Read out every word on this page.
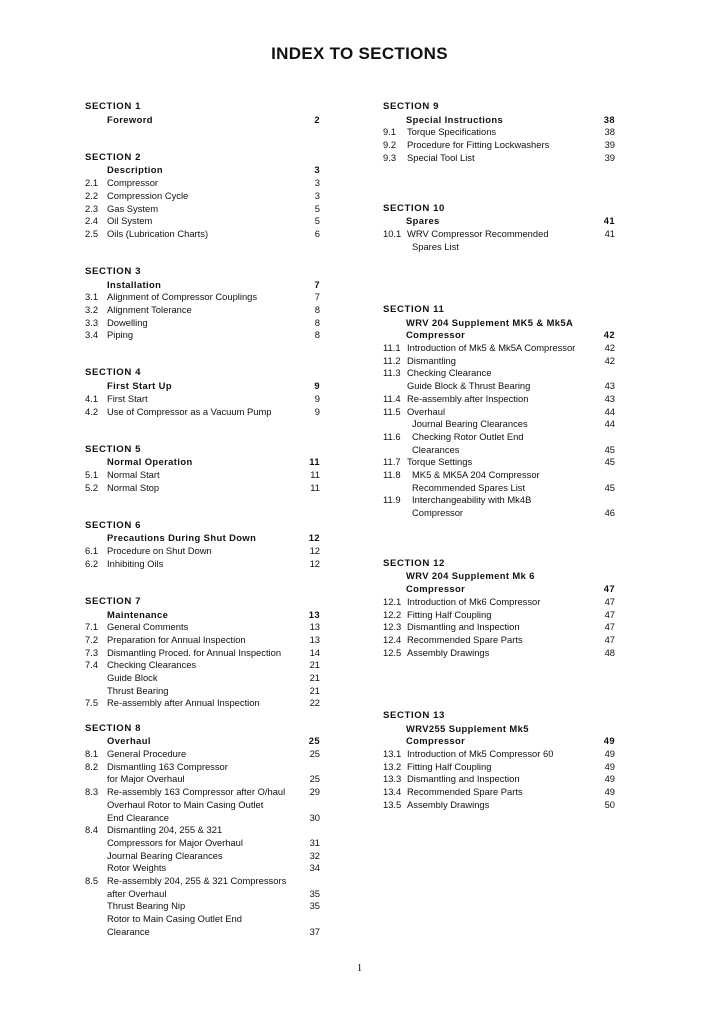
INDEX TO SECTIONS
SECTION 1
Foreword	2
SECTION 2
Description	3
2.1 Compressor	3
2.2 Compression Cycle	3
2.3 Gas System	5
2.4 Oil System	5
2.5 Oils (Lubrication Charts)	6
SECTION 3
Installation	7
3.1 Alignment of Compressor Couplings	7
3.2 Alignment Tolerance	8
3.3 Dowelling	8
3.4 Piping	8
SECTION 4
First Start Up	9
4.1 First Start	9
4.2 Use of Compressor as a Vacuum Pump	9
SECTION 5
Normal Operation	11
5.1 Normal Start	11
5.2 Normal Stop	11
SECTION 6
Precautions During Shut Down	12
6.1 Procedure on Shut Down	12
6.2 Inhibiting Oils	12
SECTION 7
Maintenance	13
7.1 General Comments	13
7.2 Preparation for Annual Inspection	13
7.3 Dismantling Proced. for Annual Inspection	14
7.4 Checking Clearances	21
Guide Block	21
Thrust Bearing	21
7.5 Re-assembly after Annual Inspection	22
SECTION 8
Overhaul	25
8.1 General Procedure	25
8.2 Dismantling 163 Compressor
for Major Overhaul	25
8.3 Re-assembly 163 Compressor after O/haul	29
Overhaul Rotor to Main Casing Outlet
End Clearance	30
8.4 Dismantling 204, 255 & 321
Compressors for Major Overhaul	31
Journal Bearing Clearances	32
Rotor Weights	34
8.5 Re-assembly 204, 255 & 321 Compressors
after Overhaul	35
Thrust Bearing Nip	35
Rotor to Main Casing Outlet End
Clearance	37
SECTION 9
Special Instructions	38
9.1 Torque Specifications	38
9.2 Procedure for Fitting Lockwashers	39
9.3 Special Tool List	39
SECTION 10
Spares	41
10.1 WRV Compressor Recommended	41
Spares List
SECTION 11
WRV 204 Supplement MK5 & Mk5A
Compressor	42
11.1 Introduction of Mk5 & Mk5A Compressor	42
11.2 Dismantling	42
11.3 Checking Clearance
Guide Block & Thrust Bearing	43
11.4 Re-assembly after Inspection	43
11.5 Overhaul	44
Journal Bearing Clearances	44
11.6 Checking Rotor Outlet End
Clearances	45
11.7 Torque Settings	45
11.8 MK5 & MK5A 204 Compressor
Recommended Spares List	45
11.9 Interchangeability with Mk4B
Compressor	46
SECTION 12
WRV 204 Supplement Mk 6
Compressor	47
12.1 Introduction of Mk6 Compressor	47
12.2 Fitting Half Coupling	47
12.3 Dismantling and Inspection	47
12.4 Recommended Spare Parts	47
12.5 Assembly Drawings	48
SECTION 13
WRV255 Supplement Mk5
Compressor	49
13.1 Introduction of Mk5 Compressor 60	49
13.2 Fitting Half Coupling	49
13.3 Dismantling and Inspection	49
13.4 Recommended Spare Parts	49
13.5 Assembly Drawings	50
1
